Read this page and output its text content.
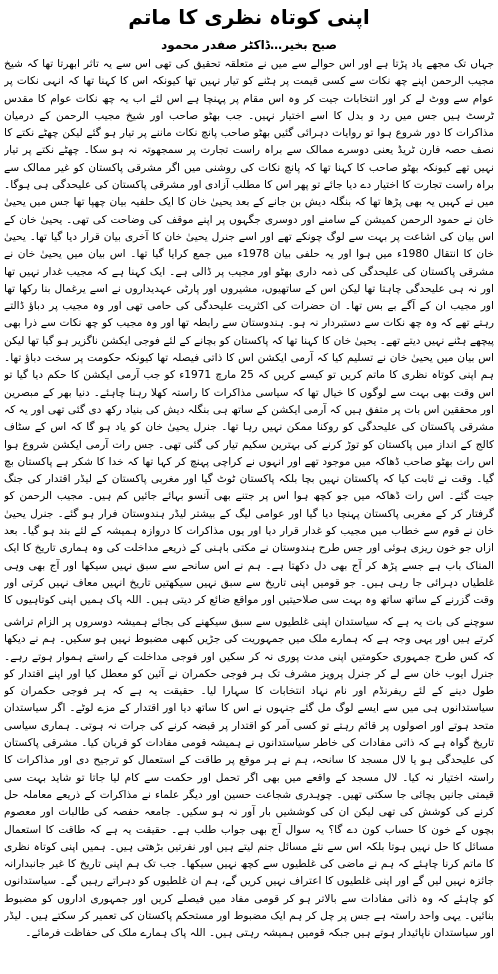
اپنی کوتاہ نظری کا ماتم
صبح بخیر…ڈاکٹر صفدر محمود

جہاں تک مجھے یاد پڑتا ہے اور اس حوالے سے میں نے متعلقہ تحقیق کی تھی اس سے یہ تاثر ابھرتا تھا کہ شیخ مجیب الرحمن اپنے چھ نکات سے کسی قیمت پر ہٹنے کو تیار نہیں تھا کیونکہ اس کا کہنا تھا کہ انہی نکات پر عوام سے ووٹ لے کر اور انتخابات جیت کر وہ اس مقام پر پہنچا ہے اس لئے اب یہ چھ نکات عوام کا مقدس ٹرسٹ ہیں جس میں رد و بدل کا اسے اختیار نہیں۔ جب بھٹو صاحب اور شیخ مجیب الرحمن کے درمیان مذاکرات کا دور شروع ہوا تو روایات دہرائی گئیں بھٹو صاحب پانچ نکات ماننے پر تیار ہو گئے لیکن چھٹے نکتے کا نصف حصہ فارن ٹریڈ یعنی دوسرے ممالک سے براہ راست تجارت پر سمجھوتہ نہ ہو سکا۔ چھٹے نکتے پر تیار نہیں تھے کیونکہ بھٹو صاحب کا کہنا تھا کہ پانچ نکات کی روشنی میں اگر مشرقی پاکستان کو غیر ممالک سے براہ راست تجارت کا اختیار دے دیا جائے تو پھر اس کا مطلب آزادی اور مشرقی پاکستان کی علیحدگی ہی ہوگا۔ میں نے کہیں یہ بھی پڑھا تھا کہ بنگلہ دیش بن جانے کے بعد یحییٰ خان کا ایک حلفیہ بیان چھپا تھا جس میں یحییٰ خان نے حمود الرحمن کمیشن کے سامنے اور دوسری جگہوں پر اپنے موقف کی وضاحت کی تھی۔ یحییٰ خان کے اس بیان کی اشاعت پر بہت سے لوگ چونکے تھے اور اسے جنرل یحییٰ خان کا آخری بیان قرار دیا گیا تھا۔ یحییٰ خان کا انتقال 1980ء میں ہوا اور یہ حلفی بیان 1978ء میں جمع کرایا گیا تھا۔ اس بیان میں یحییٰ خان نے مشرقی پاکستان کی علیحدگی کی ذمہ داری بھٹو اور مجیب پر ڈالی ہے۔ ایک کہنا ہے کہ مجیب غدار نہیں تھا اور نہ ہی علیحدگی چاہتا تھا لیکن اس کے ساتھیوں، مشیروں اور پارٹی عہدیداروں نے اسے یرغمال بنا رکھا تھا اور مجیب ان کے آگے بے بس تھا۔ ان حضرات کی اکثریت علیحدگی کی حامی تھی اور وہ مجیب پر دباؤ ڈالتے رہتے تھے کہ وہ چھ نکات سے دستبردار نہ ہو۔ ہندوستان سے رابطہ تھا اور وہ مجیب کو چھ نکات سے ذرا بھی پیچھے ہٹنے نہیں دیتے تھے۔ یحییٰ خان کا کہنا تھا کہ پاکستان کو بچانے کے لئے فوجی ایکشن ناگزیر ہو گیا تھا لیکن اس بیان میں یحییٰ خان نے تسلیم کیا کہ آرمی ایکشن اس کا ذاتی فیصلہ تھا کیونکہ حکومت پر سخت دباؤ تھا۔ ہم اپنی کوتاہ نظری کا ماتم کریں تو کیسے کریں کہ 25 مارچ 1971ء کو جب آرمی ایکشن کا حکم دیا گیا تو اس وقت بھی بہت سے لوگوں کا خیال تھا کہ سیاسی مذاکرات کا راستہ کھلا رہنا چاہئے۔ دنیا بھر کے مبصرین اور محققین اس بات پر متفق ہیں کہ آرمی ایکشن کے ساتھ ہی بنگلہ دیش کی بنیاد رکھ دی گئی تھی اور یہ کہ مشرقی پاکستان کی علیحدگی کو روکنا ممکن نہیں رہا تھا۔ جنرل یحییٰ خان کو یاد ہو گا کہ اس کے سٹاف کالج کے انداز میں پاکستان کو توڑ کرنے کی بہترین سکیم تیار کی گئی تھی۔ جس رات آرمی ایکشن شروع ہوا اس رات بھٹو صاحب ڈھاکہ میں موجود تھے اور انہوں نے کراچی پہنچ کر کہا تھا کہ خدا کا شکر ہے پاکستان بچ گیا۔ وقت نے ثابت کیا کہ پاکستان نہیں بچا بلکہ پاکستان ٹوٹ گیا اور مغربی پاکستان کے لیڈر اقتدار کی جنگ جیت گئے۔ اس رات ڈھاکہ میں جو کچھ ہوا اس پر جتنے بھی آنسو بہائے جائیں کم ہیں۔ مجیب الرحمن کو گرفتار کر کے مغربی پاکستان پہنچا دیا گیا اور عوامی لیگ کے بیشتر لیڈر ہندوستان فرار ہو گئے۔ جنرل یحییٰ خان نے قوم سے خطاب میں مجیب کو غدار قرار دیا اور یوں مذاکرات کا دروازہ ہمیشہ کے لئے بند ہو گیا۔ بعد ازاں جو خون ریزی ہوئی اور جس طرح ہندوستان نے مکتی باہنی کے ذریعے مداخلت کی وہ ہماری تاریخ کا ایک المناک باب ہے جسے پڑھ کر آج بھی دل دکھتا ہے۔ ہم نے اس سانحے سے سبق نہیں سیکھا اور آج بھی وہی غلطیاں دہرائی جا رہی ہیں۔ جو قومیں اپنی تاریخ سے سبق نہیں سیکھتیں تاریخ انہیں معاف نہیں کرتی اور وقت گزرنے کے ساتھ ساتھ وہ بہت سی صلاحیتیں اور مواقع ضائع کر دیتی ہیں۔ اللہ پاک ہمیں اپنی کوتاہیوں کا

سوچنے کی بات یہ ہے کہ سیاستدان اپنی غلطیوں سے سبق سیکھنے کی بجائے ہمیشہ دوسروں پر الزام تراشی کرتے ہیں اور یہی وجہ ہے کہ ہمارے ملک میں جمہوریت کی جڑیں کبھی مضبوط نہیں ہو سکیں۔ ہم نے دیکھا کہ کس طرح جمہوری حکومتیں اپنی مدت پوری نہ کر سکیں اور فوجی مداخلت کے راستے ہموار ہوتے رہے۔ جنرل ایوب خان سے لے کر جنرل پرویز مشرف تک ہر فوجی حکمران نے آئین کو معطل کیا اور اپنے اقتدار کو طول دینے کے لئے ریفرنڈم اور نام نہاد انتخابات کا سہارا لیا۔ حقیقت یہ ہے کہ ہر فوجی حکمران کو سیاستدانوں ہی میں سے ایسے لوگ مل گئے جنہوں نے اس کا ساتھ دیا اور اقتدار کے مزے لوٹے۔ اگر سیاستدان متحد ہوتے اور اصولوں پر قائم رہتے تو کسی آمر کو اقتدار پر قبضہ کرنے کی جرات نہ ہوتی۔ ہماری سیاسی تاریخ گواہ ہے کہ ذاتی مفادات کی خاطر سیاستدانوں نے ہمیشہ قومی مفادات کو قربان کیا۔ مشرقی پاکستان کی علیحدگی ہو یا لال مسجد کا سانحہ، ہم نے ہر موقع پر طاقت کے استعمال کو ترجیح دی اور مذاکرات کا راستہ اختیار نہ کیا۔ لال مسجد کے واقعے میں بھی اگر تحمل اور حکمت سے کام لیا جاتا تو شاید بہت سی قیمتی جانیں بچائی جا سکتی تھیں۔ چوہدری شجاعت حسین اور دیگر علماء نے مذاکرات کے ذریعے معاملہ حل کرنے کی کوشش کی تھی لیکن ان کی کوششیں بار آور نہ ہو سکیں۔ جامعہ حفصہ کی طالبات اور معصوم بچوں کے خون کا حساب کون دے گا؟ یہ سوال آج بھی جواب طلب ہے۔ حقیقت یہ ہے کہ طاقت کا استعمال مسائل کا حل نہیں ہوتا بلکہ اس سے نئے مسائل جنم لیتے ہیں اور نفرتیں بڑھتی ہیں۔ ہمیں اپنی کوتاہ نظری کا ماتم کرنا چاہئے کہ ہم نے ماضی کی غلطیوں سے کچھ نہیں سیکھا۔ جب تک ہم اپنی تاریخ کا غیر جانبدارانہ جائزہ نہیں لیں گے اور اپنی غلطیوں کا اعتراف نہیں کریں گے، ہم ان غلطیوں کو دہراتے رہیں گے۔ سیاستدانوں کو چاہئے کہ وہ ذاتی مفادات سے بالاتر ہو کر قومی مفاد میں فیصلے کریں اور جمہوری اداروں کو مضبوط بنائیں۔ یہی واحد راستہ ہے جس پر چل کر ہم ایک مضبوط اور مستحکم پاکستان کی تعمیر کر سکتے ہیں۔ لیڈر اور سیاستدان ناپائیدار ہوتے ہیں جبکہ قومیں ہمیشہ رہتی ہیں۔ اللہ پاک ہمارے ملک کی حفاظت فرمائے۔
